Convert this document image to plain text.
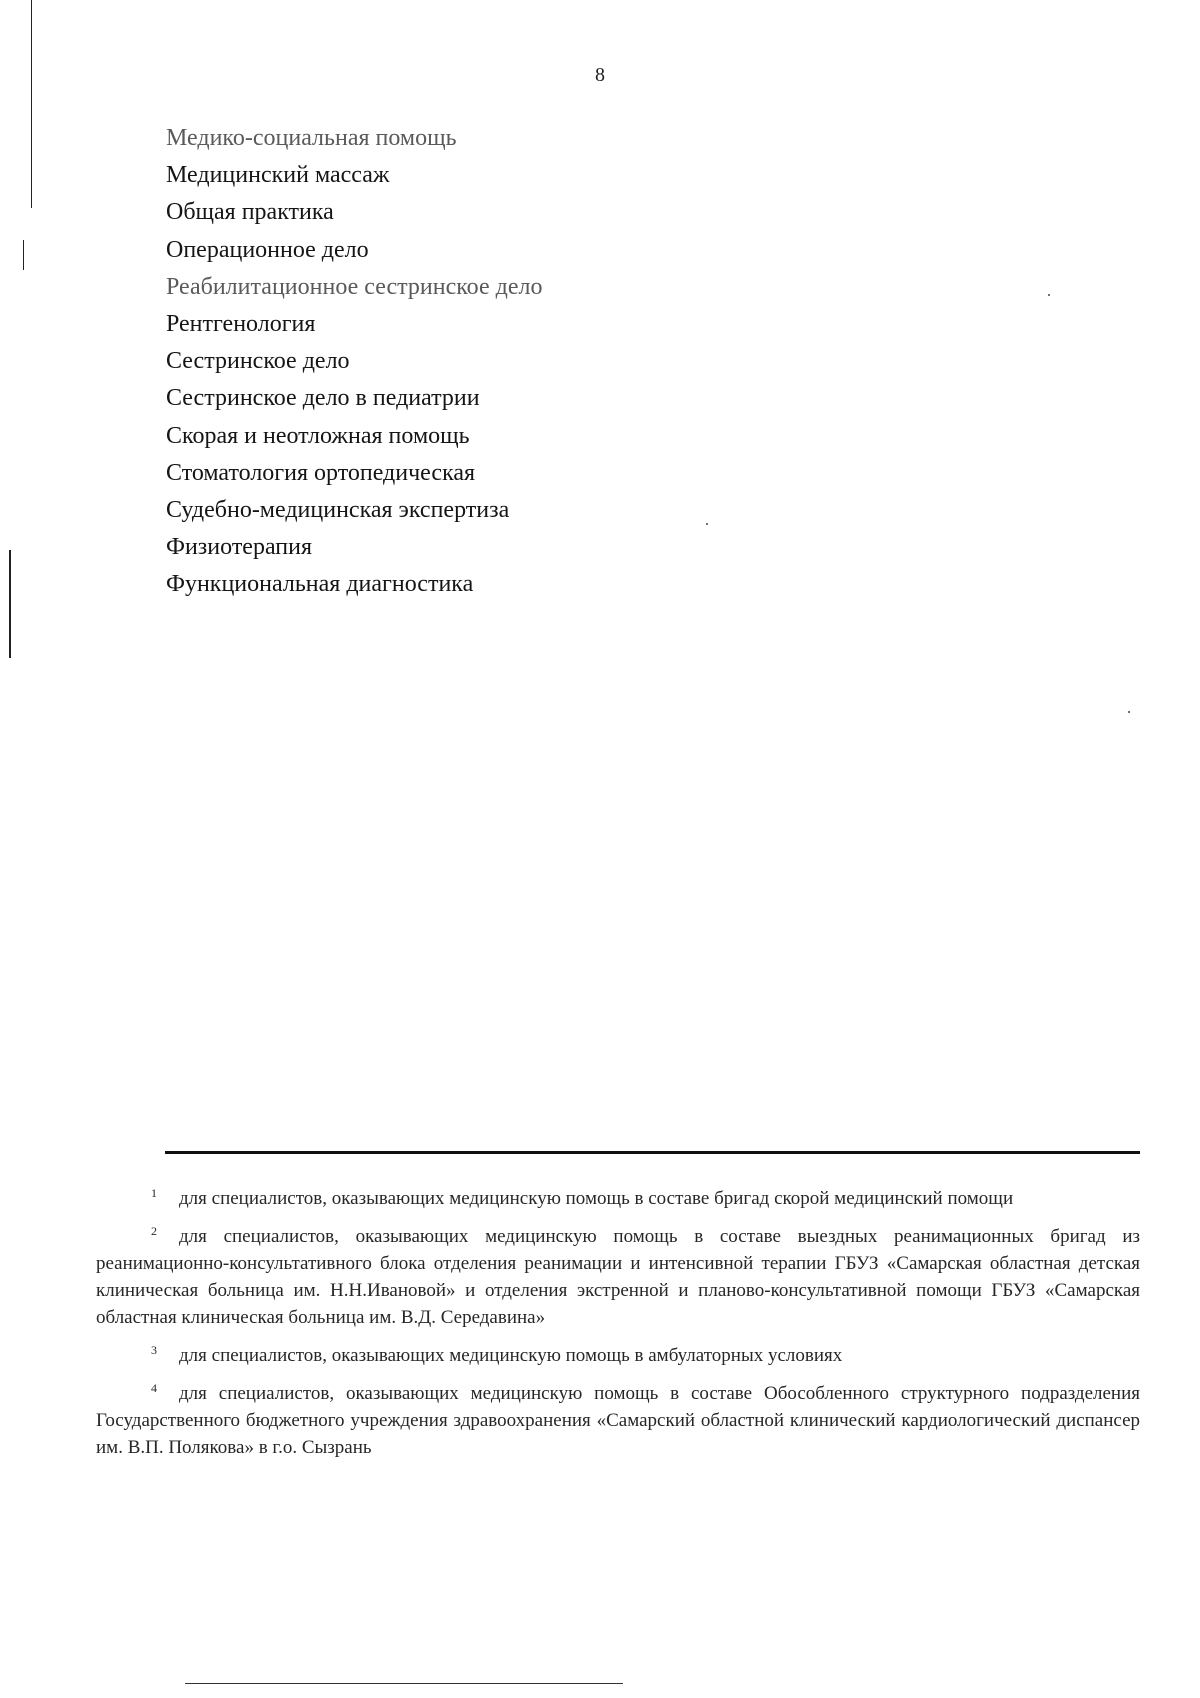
8
Медико-социальная помощь
Медицинский массаж
Общая практика
Операционное дело
Реабилитационное сестринское дело
Рентгенология
Сестринское дело
Сестринское дело в педиатрии
Скорая и неотложная помощь
Стоматология ортопедическая
Судебно-медицинская экспертиза
Физиотерапия
Функциональная диагностика

$^1$ для специалистов, оказывающих медицинскую помощь в составе бригад скорой медицинский помощи

$^2$ для специалистов, оказывающих медицинскую помощь в составе выездных реанимационных бригад из реанимационно-консультативного блока отделения реанимации и интенсивной терапии ГБУЗ «Самарская областная детская клиническая больница им. Н.Н.Ивановой» и отделения экстренной и планово-консультативной помощи ГБУЗ «Самарская областная клиническая больница им. В.Д. Середавина»

$^3$ для специалистов, оказывающих медицинскую помощь в амбулаторных условиях

$^4$ для специалистов, оказывающих медицинскую помощь в составе Обособленного структурного подразделения Государственного бюджетного учреждения здравоохранения «Самарский областной клинический кардиологический диспансер им. В.П. Полякова» в г.о. Сызрань
